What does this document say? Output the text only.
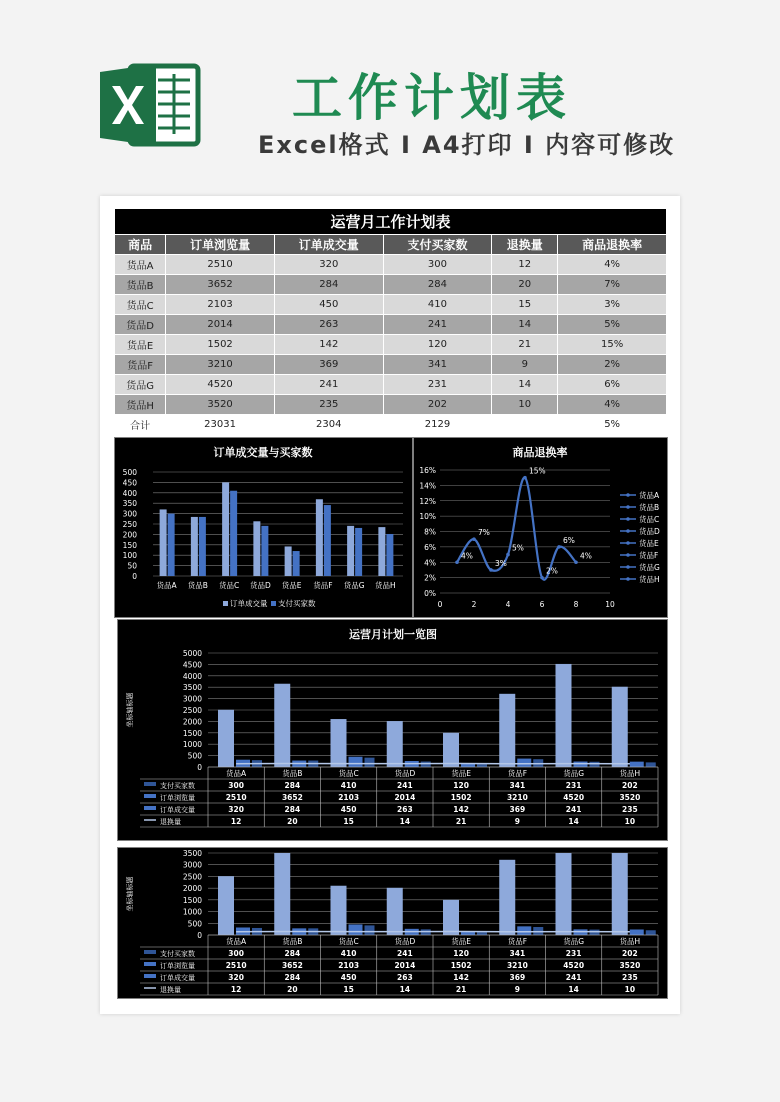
工作计划表
Excel格式 I A4打印 I 内容可修改
运营月工作计划表					
商品	订单浏览量	订单成交量	支付买家数	退换量	商品退换率
货品A	2510	320	300	12	4%
货品B	3652	284	284	20	7%
货品C	2103	450	410	15	3%
货品D	2014	263	241	14	5%
货品E	1502	142	120	21	15%
货品F	3210	369	341	9	2%
货品G	4520	241	231	14	6%
货品H	3520	235	202	10	4%
合计	23031	2304	2129		5%
订单成交量与买家数
0
50
100
150
200
250
300
350
400
450
500
货品A 货品B 货品C 货品D 货品E 货品F 货品G 货品H
订单成交量 支付买家数
商品退换率
0%
2%
4%
6%
8%
10%
12%
14%
16%
0	2	4	6	8	10
4%
7%
3%
5%
15%
2%
6%
4%
货品A
货品B
货品C
货品D
货品E
货品F
货品G
货品H
运营月计划一览图
坐标轴标题
0
500
1000
1500
2000
2500
3000
3500
4000
4500
5000
货品A	货品B	货品C	货品D	货品E	货品F	货品G	货品H
支付买家数	300	284	410	241	120	341	231	202
订单浏览量	2510	3652	2103	2014	1502	3210	4520	3520
订单成交量	320	284	450	263	142	369	241	235
退换量	12	20	15	14	21	9	14	10
坐标轴标题
0
500
1000
1500
2000
2500
3000
3500
货品A	货品B	货品C	货品D	货品E	货品F	货品G	货品H
支付买家数	300	284	410	241	120	341	231	202
订单浏览量	2510	3652	2103	2014	1502	3210	4520	3520
订单成交量	320	284	450	263	142	369	241	235
退换量	12	20	15	14	21	9	14	10
